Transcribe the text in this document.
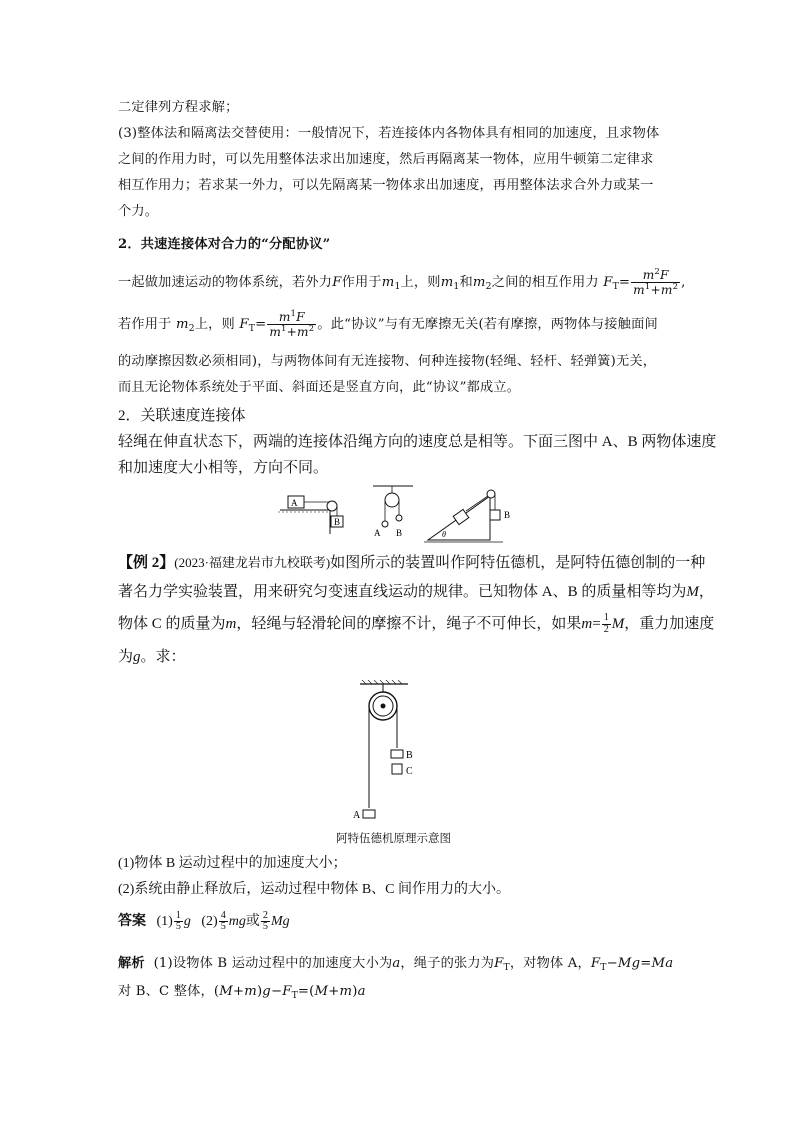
二定律列方程求解；
(3)整体法和隔离法交替使用：一般情况下，若连接体内各物体具有相同的加速度，且求物体
之间的作用力时，可以先用整体法求出加速度，然后再隔离某一物体，应用牛顿第二定律求
相互作用力；若求某一外力，可以先隔离某一物体求出加速度，再用整体法求合外力或某一
个力。
2．共速连接体对合力的“分配协议”
一起做加速运动的物体系统，若外力F作用于$m_1$上，则$m_1$和$m_2$之间的相互作用力 $F_T= \frac{m^2F}{m^1+m^2}$ ,
若作用于 $m_2$上，则 $F_T= \frac{m^1F}{m^1+m^2}$ 。此“协议”与有无摩擦无关(若有摩擦，两物体与接触面间
的动摩擦因数必须相同)，与两物体间有无连接物、何种连接物(轻绳、轻杆、轻弹簧)无关，
而且无论物体系统处于平面、斜面还是竖直方向，此“协议”都成立。
2．关联速度连接体
轻绳在伸直状态下，两端的连接体沿绳方向的速度总是相等。下面三图中 A、B 两物体速度
和加速度大小相等，方向不同。
A
B
A B
B
θ
【例 2】(2023·福建龙岩市九校联考)如图所示的装置叫作阿特伍德机，是阿特伍德创制的一种
著名力学实验装置，用来研究匀变速直线运动的规律。已知物体 A、B 的质量相等均为M，
物体 C 的质量为m，轻绳与轻滑轮间的摩擦不计，绳子不可伸长，如果$m= \frac{1}{2}$ M，重力加速度
为g。求：
B
C
A
阿特伍德机原理示意图
(1)物体 B 运动过程中的加速度大小；
(2)系统由静止释放后，运动过程中物体 B、C 间作用力的大小。
答案 $(1) \frac{1}{5}$ g $(2) \frac{4}{5}$ mg或 $\frac{2}{5}$ Mg
解析 (1)设物体 B 运动过程中的加速度大小为a，绳子的张力为$F_T$，对物体 A，$F_T-Mg=Ma$
对 B、C 整体，$(M+m)g-F_T=(M+m)a$
